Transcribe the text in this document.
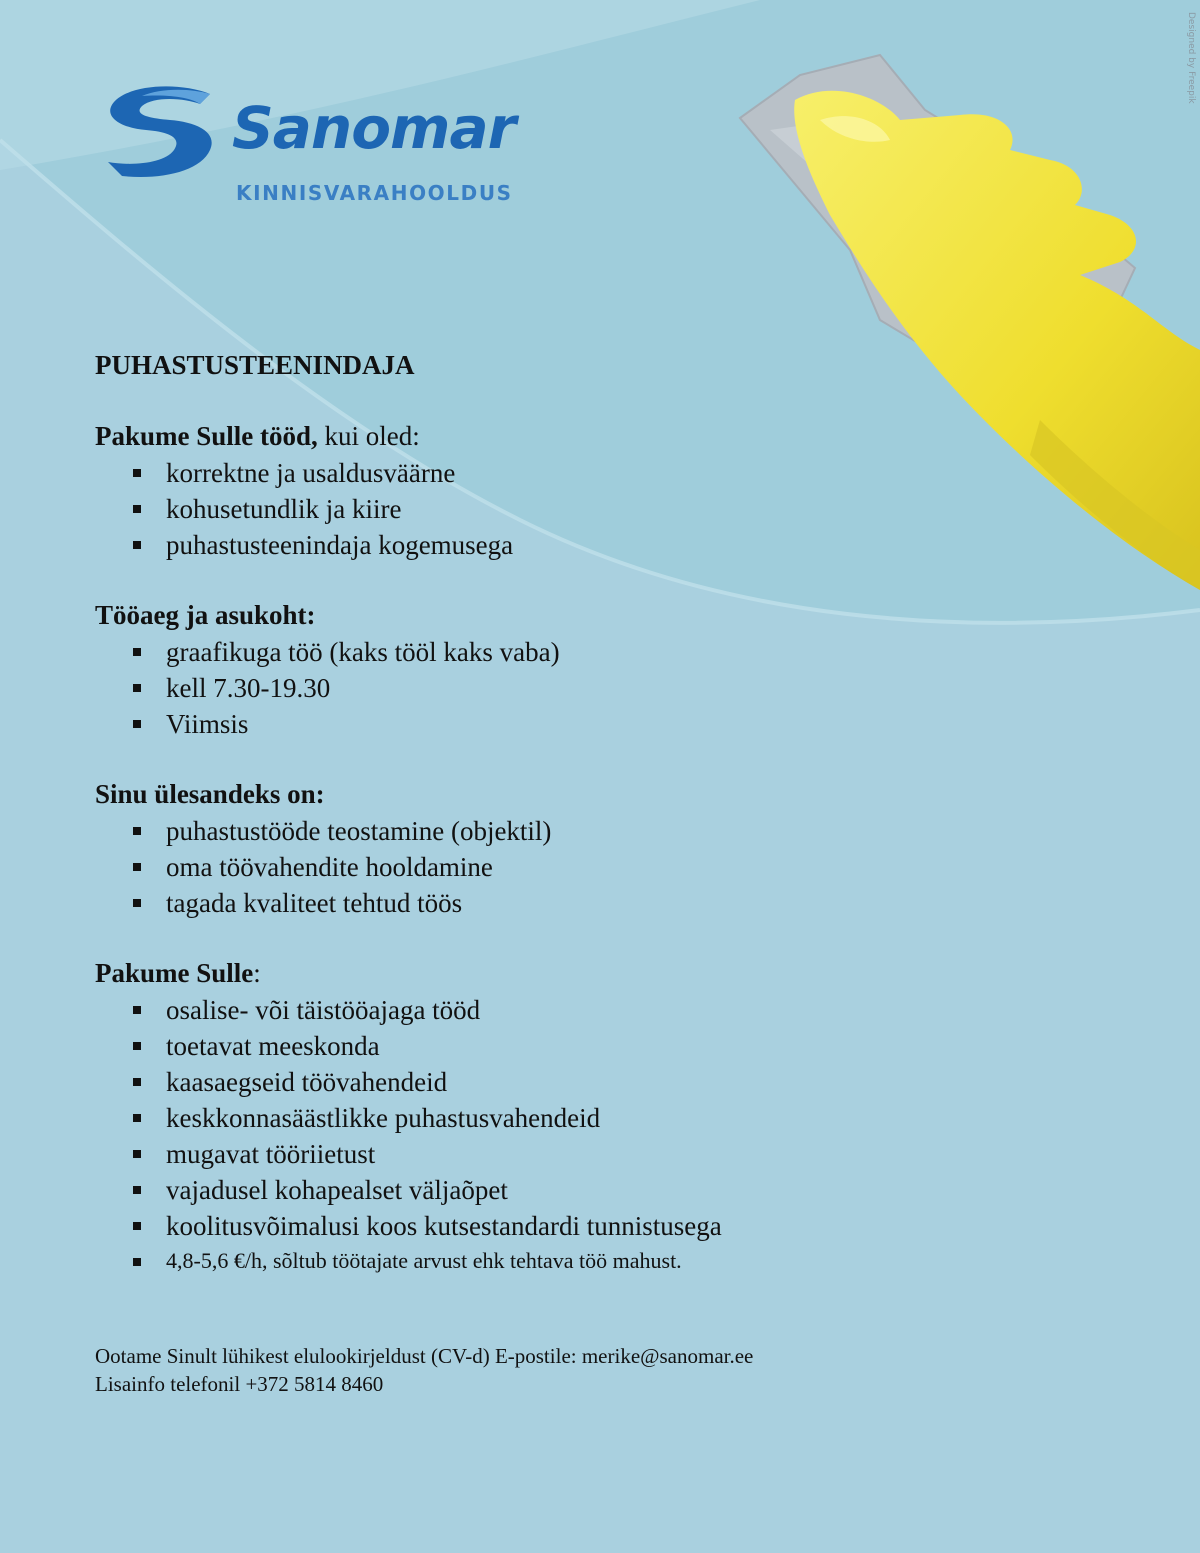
Sanomar
KINNISVARAHOOLDUS
Designed by Freepik
PUHASTUSTEENINDAJA
Pakume Sulle tööd, kui oled:
korrektne ja usaldusväärne
kohusetundlik ja kiire
puhastusteenindaja kogemusega
Tööaeg ja asukoht:
graafikuga töö (kaks tööl kaks vaba)
kell 7.30-19.30
Viimsis
Sinu ülesandeks on:
puhastustööde teostamine (objektil)
oma töövahendite hooldamine
tagada kvaliteet tehtud töös
Pakume Sulle:
osalise- või täistööajaga tööd
toetavat meeskonda
kaasaegseid töövahendeid
keskkonnasäästlikke puhastusvahendeid
mugavat tööriietust
vajadusel kohapealset väljaõpet
koolitusvõimalusi koos kutsestandardi tunnistusega
4,8-5,6 €/h, sõltub töötajate arvust ehk tehtava töö mahust.
Ootame Sinult lühikest elulookirjeldust (CV-d) E-postile: merike@sanomar.ee
Lisainfo telefonil +372 5814 8460
